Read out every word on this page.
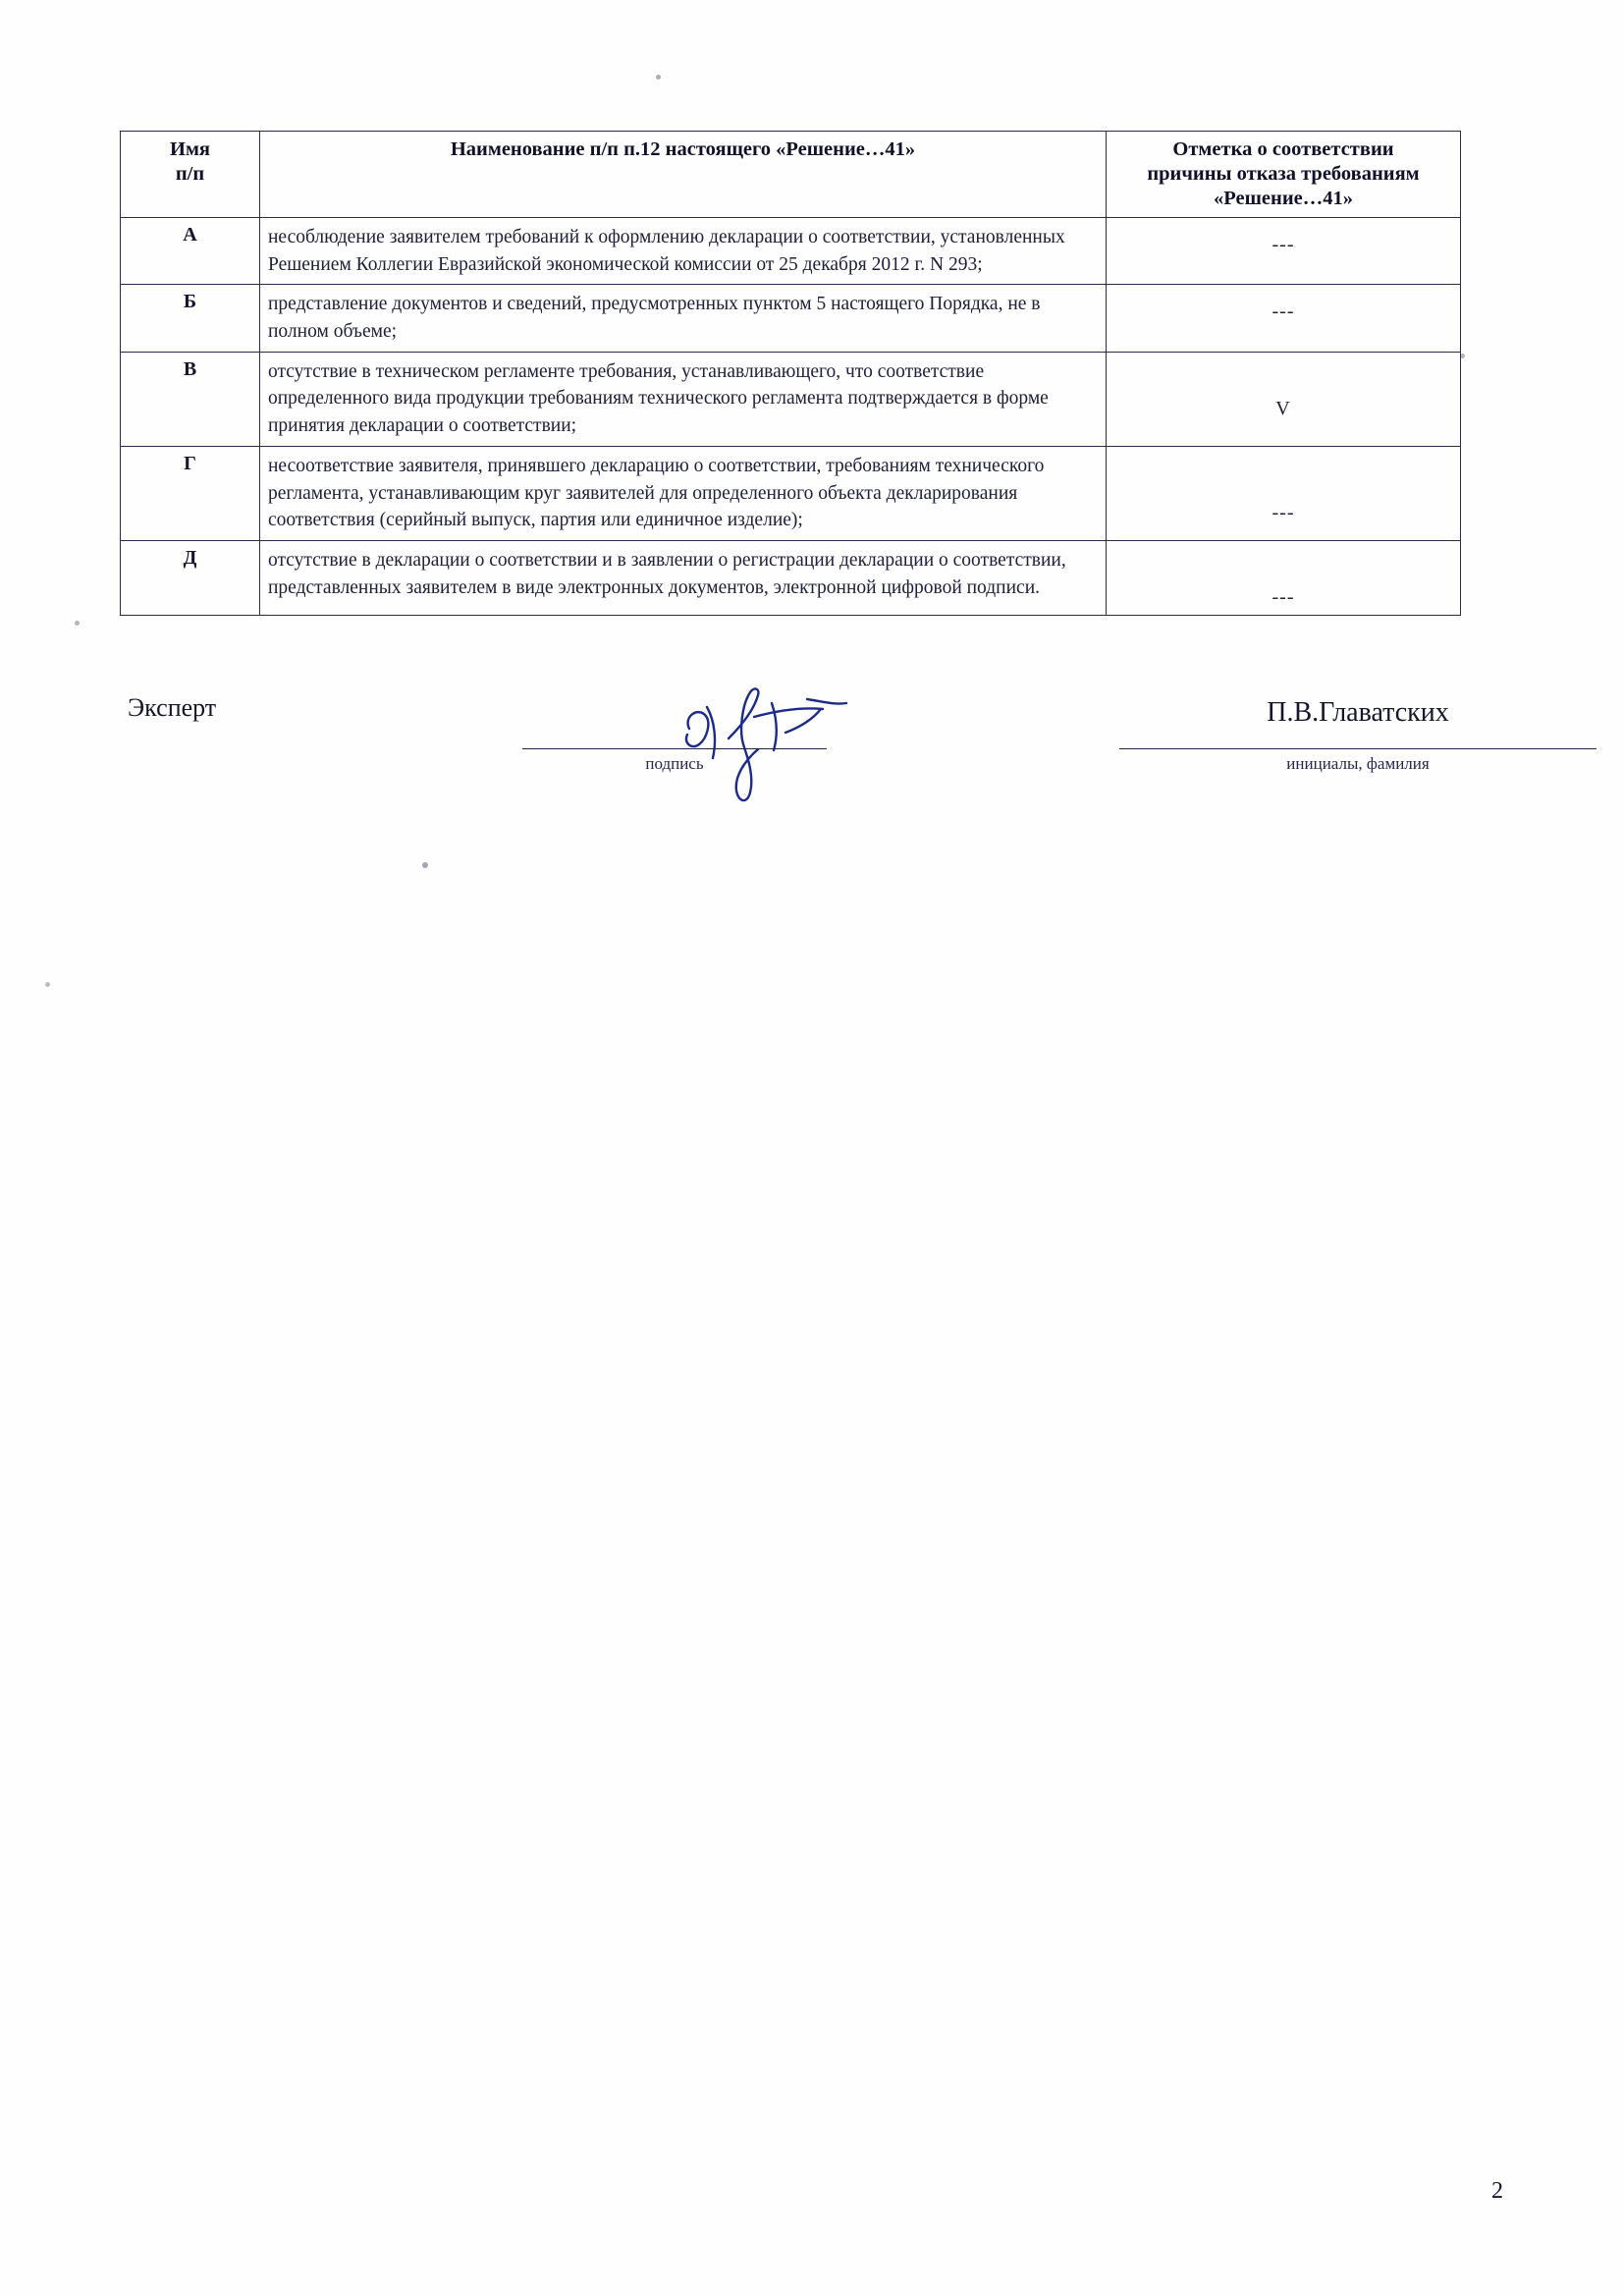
Имя
п/п
	Наименование п/п п.12 настоящего «Решение…41»	Отметка о соответствии
причины отказа требованиям
«Решение…41»

А	несоблюдение заявителем требований к оформлению декларации о соответствии, установленных Решением Коллегии Евразийской экономической комиссии от 25 декабря 2012 г. N 293;	---
Б	представление документов и сведений, предусмотренных пунктом 5 настоящего Порядка, не в полном объеме;	---
В	отсутствие в техническом регламенте требования, устанавливающего, что соответствие определенного вида продукции требованиям технического регламента подтверждается в форме принятия декларации о соответствии;	V
Г	несоответствие заявителя, принявшего декларацию о соответствии, требованиям технического регламента, устанавливающим круг заявителей для определенного объекта декларирования соответствия (серийный выпуск, партия или единичное изделие);	---
Д	отсутствие в декларации о соответствии и в заявлении о регистрации декларации о соответствии, представленных заявителем в виде электронных документов, электронной цифровой подписи.	---
Эксперт
подпись
П.В.Главатских
инициалы, фамилия
2
